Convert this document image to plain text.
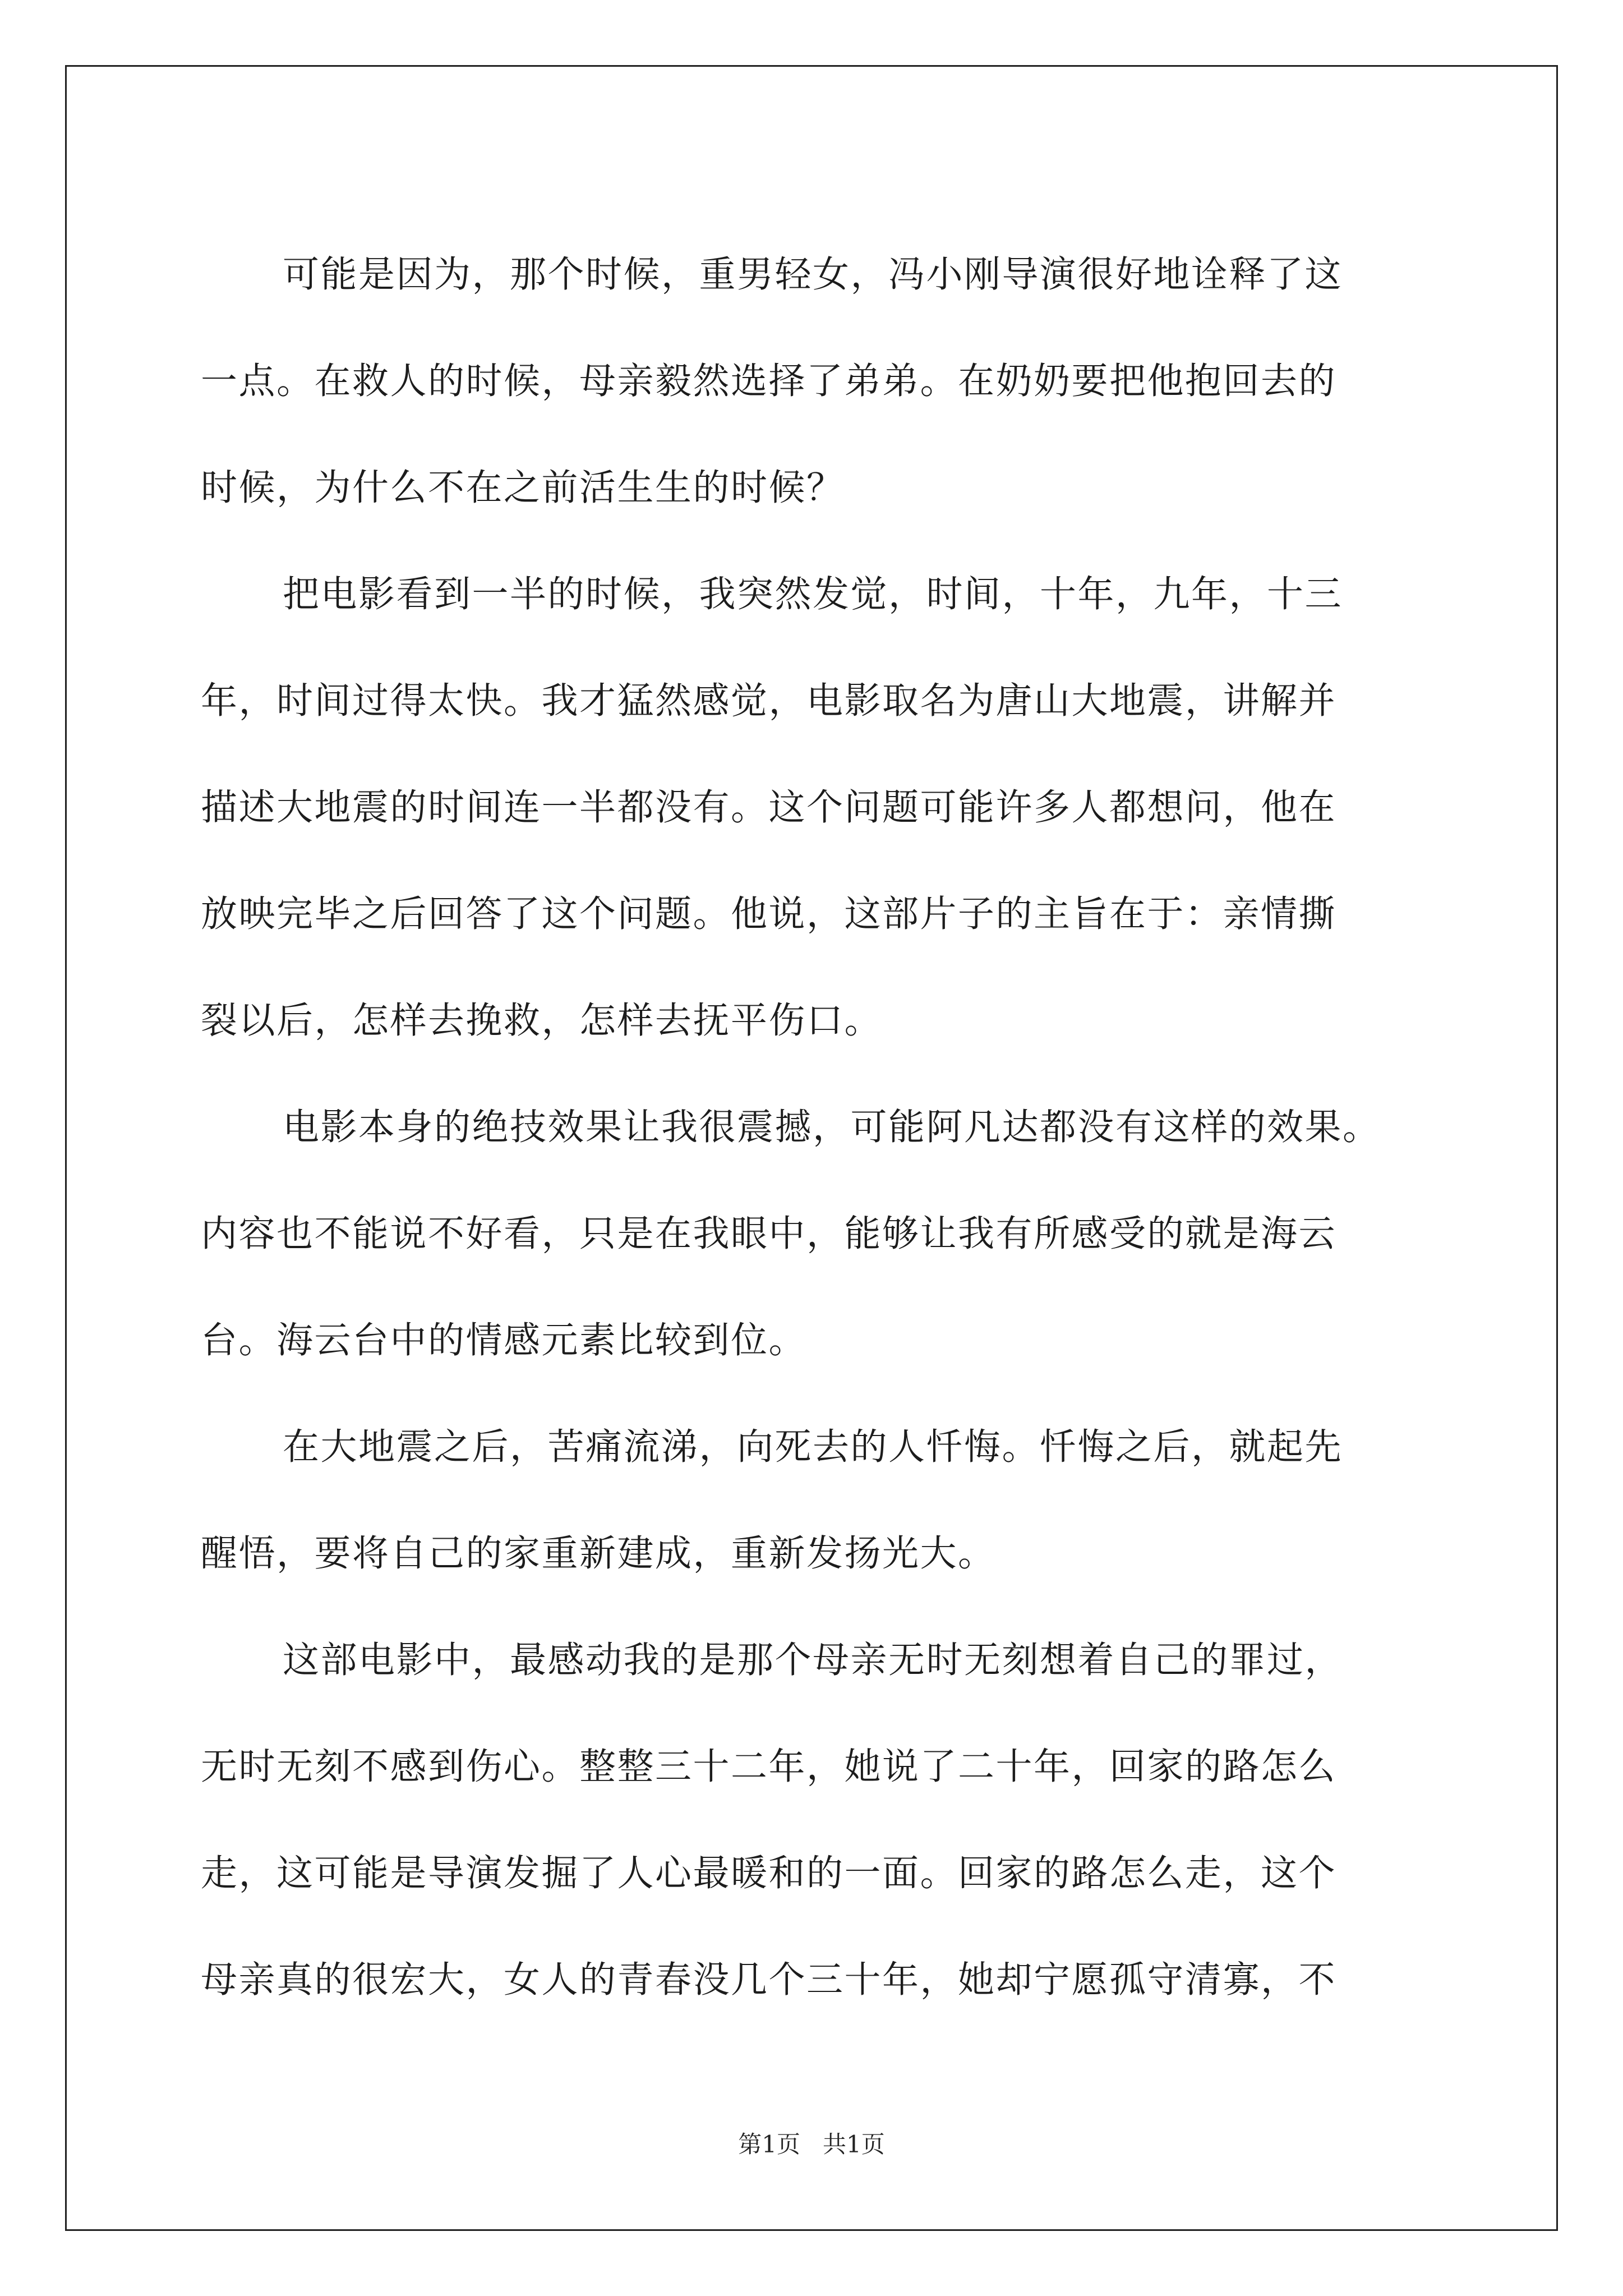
可能是因为，那个时候，重男轻女，冯小刚导演很好地诠释了这
一点。在救人的时候，母亲毅然选择了弟弟。在奶奶要把他抱回去的
时候，为什么不在之前活生生的时候？
把电影看到一半的时候，我突然发觉，时间，十年，九年，十三
年，时间过得太快。我才猛然感觉，电影取名为唐山大地震，讲解并
描述大地震的时间连一半都没有。这个问题可能许多人都想问，他在
放映完毕之后回答了这个问题。他说，这部片子的主旨在于：亲情撕
裂以后，怎样去挽救，怎样去抚平伤口。
电影本身的绝技效果让我很震撼，可能阿凡达都没有这样的效果。
内容也不能说不好看，只是在我眼中，能够让我有所感受的就是海云
台。海云台中的情感元素比较到位。
在大地震之后，苦痛流涕，向死去的人忏悔。忏悔之后，就起先
醒悟，要将自己的家重新建成，重新发扬光大。
这部电影中，最感动我的是那个母亲无时无刻想着自己的罪过，
无时无刻不感到伤心。整整三十二年，她说了二十年，回家的路怎么
走，这可能是导演发掘了人心最暖和的一面。回家的路怎么走，这个
母亲真的很宏大，女人的青春没几个三十年，她却宁愿孤守清寡，不
第1页 共1页
